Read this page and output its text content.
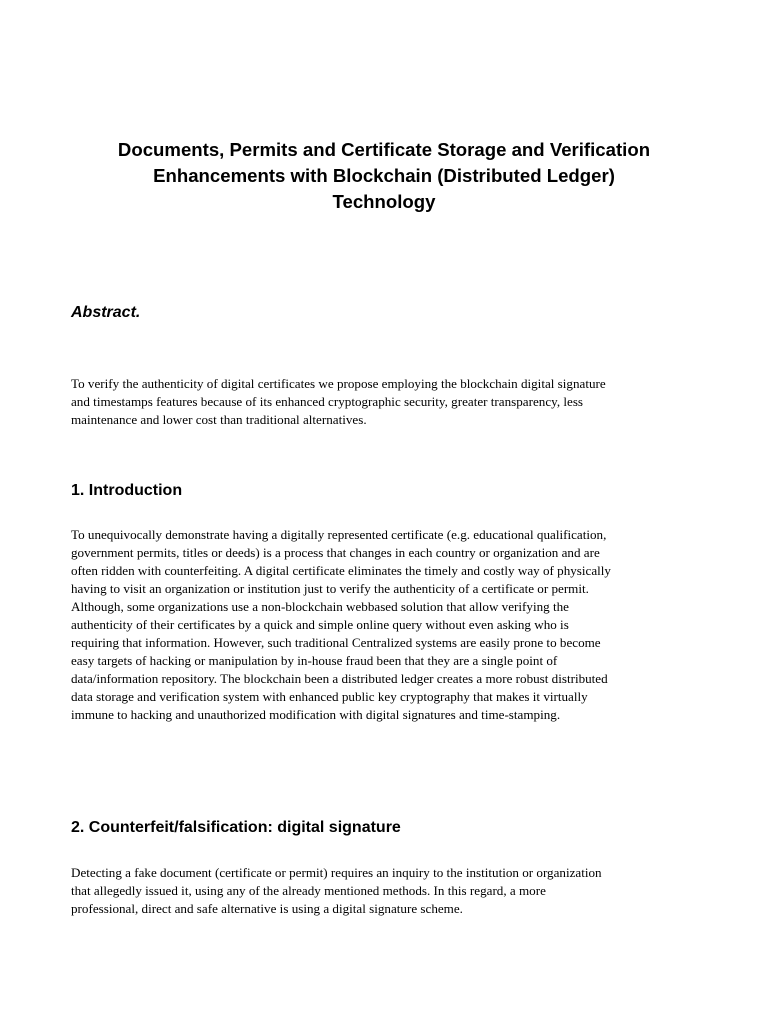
Documents, Permits and Certificate Storage and Verification
Enhancements with Blockchain (Distributed Ledger)
Technology
Abstract.

To verify the authenticity of digital certificates we propose employing the blockchain digital signature
and timestamps features because of its enhanced cryptographic security, greater transparency, less
maintenance and lower cost than traditional alternatives.

1. Introduction

To unequivocally demonstrate having a digitally represented certificate (e.g. educational qualification,
government permits, titles or deeds) is a process that changes in each country or organization and are
often ridden with counterfeiting. A digital certificate eliminates the timely and costly way of physically
having to visit an organization or institution just to verify the authenticity of a certificate or permit.
Although, some organizations use a non-blockchain webbased solution that allow verifying the
authenticity of their certificates by a quick and simple online query without even asking who is
requiring that information. However, such traditional Centralized systems are easily prone to become
easy targets of hacking or manipulation by in-house fraud been that they are a single point of
data/information repository. The blockchain been a distributed ledger creates a more robust distributed
data storage and verification system with enhanced public key cryptography that makes it virtually
immune to hacking and unauthorized modification with digital signatures and time-stamping.

2. Counterfeit/falsification: digital signature

Detecting a fake document (certificate or permit) requires an inquiry to the institution or organization
that allegedly issued it, using any of the already mentioned methods. In this regard, a more
professional, direct and safe alternative is using a digital signature scheme.
